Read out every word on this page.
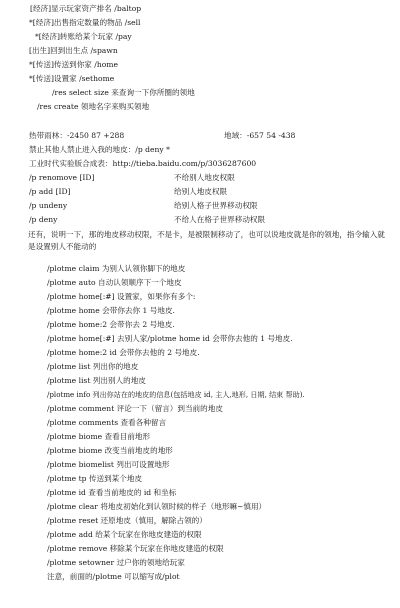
[经济]显示玩家资产排名 /baltop
*[经济]出售指定数量的物品 /sell
*[经济]转账给某个玩家 /pay
[出生]回到出生点 /spawn
*[传送]传送到你家 /home
*[传送]设置家 /sethome
/res select size 来查询一下你所圈的领地
/res create 领地名字来购买领地
热带雨林：-2450 87 +288	地域：-657 54 -438
禁止其他人禁止进入我的地皮：/p deny *
工业时代实验版合成表：http://tieba.baidu.com/p/3036287600
/p renomove [ID]	不给别人地皮权限
/p add [ID]	给别人地皮权限
/p undeny	给别人格子世界移动权限
/p deny	不给人在格子世界移动权限
还有，说明一下，那的地皮移动权限，不是卡，是被限制移动了，也可以说地皮就是你的领地，指令输入就是设置别人不能动的
/plotme claim 为别人认领你脚下的地皮
/plotme auto 自动认领顺序下一个地皮
/plotme home[:#] 设置家，如果你有多个:
/plotme home 会带你去你 1 号地皮.
/plotme home:2 会带你去 2 号地皮.
/plotme home[:#] 去别人家/plotme home id 会带你去他的 1 号地皮.
/plotme home:2 id 会带你去他的 2 号地皮.
/plotme list 列出你的地皮
/plotme list 列出别人的地皮
/plotme info 列出你站在的地皮的信息(包括地皮 id, 主人,地形, 日期, 结束 帮助).
/plotme comment 评论一下（留言）到当前的地皮
/plotme comments 查看各种留言
/plotme biome 查看目前地形
/plotme biome 改变当前地皮的地形
/plotme biomelist 列出可设置地形
/plotme tp 传送到某个地皮
/plotme id 查看当前地皮的 id 和坐标
/plotme clear 将地皮初始化到认领时候的样子（地形嘛~慎用）
/plotme reset 还原地皮（慎用，解除占领的）
/plotme add 给某个玩家在你地皮建造的权限
/plotme remove 移除某个玩家在你地皮建造的权限
/plotme setowner 过户你的领地给玩家
注意，前面的/plotme 可以缩写成/plot
